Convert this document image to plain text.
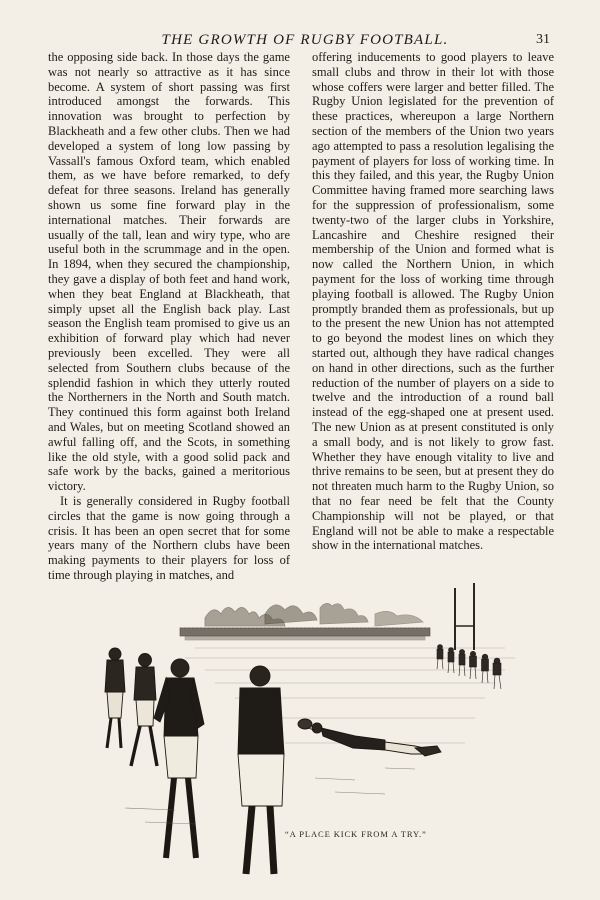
THE GROWTH OF RUGBY FOOTBALL.	31

the opposing side back. In those days the game was not nearly so attractive as it has since become. A system of short passing was first introduced amongst the forwards. This innovation was brought to perfection by Blackheath and a few other clubs. Then we had developed a system of long low passing by Vassall's famous Oxford team, which enabled them, as we have before remarked, to defy defeat for three seasons. Ireland has generally shown us some fine forward play in the international matches. Their forwards are usually of the tall, lean and wiry type, who are useful both in the scrummage and in the open. In 1894, when they secured the championship, they gave a display of both feet and hand work, when they beat England at Blackheath, that simply upset all the English back play. Last season the English team promised to give us an exhibition of forward play which had never previously been excelled. They were all selected from Southern clubs because of the splendid fashion in which they utterly routed the Northerners in the North and South match. They continued this form against both Ireland and Wales, but on meeting Scotland showed an awful falling off, and the Scots, in something like the old style, with a good solid pack and safe work by the backs, gained a meritorious victory.

It is generally considered in Rugby football circles that the game is now going through a crisis. It has been an open secret that for some years many of the Northern clubs have been making payments to their players for loss of time through playing in matches, and

offering inducements to good players to leave small clubs and throw in their lot with those whose coffers were larger and better filled. The Rugby Union legislated for the prevention of these practices, whereupon a large Northern section of the members of the Union two years ago attempted to pass a resolution legalising the payment of players for loss of working time. In this they failed, and this year, the Rugby Union Committee having framed more searching laws for the suppression of professionalism, some twenty-two of the larger clubs in Yorkshire, Lancashire and Cheshire resigned their membership of the Union and formed what is now called the Northern Union, in which payment for the loss of working time through playing football is allowed. The Rugby Union promptly branded them as professionals, but up to the present the new Union has not attempted to go beyond the modest lines on which they started out, although they have radical changes on hand in other directions, such as the further reduction of the number of players on a side to twelve and the introduction of a round ball instead of the egg-shaped one at present used. The new Union as at present constituted is only a small body, and is not likely to grow fast. Whether they have enough vitality to live and thrive remains to be seen, but at present they do not threaten much harm to the Rugby Union, so that no fear need be felt that the County Championship will not be played, or that England will not be able to make a respectable show in the international matches.

“A PLACE KICK FROM A TRY.”
